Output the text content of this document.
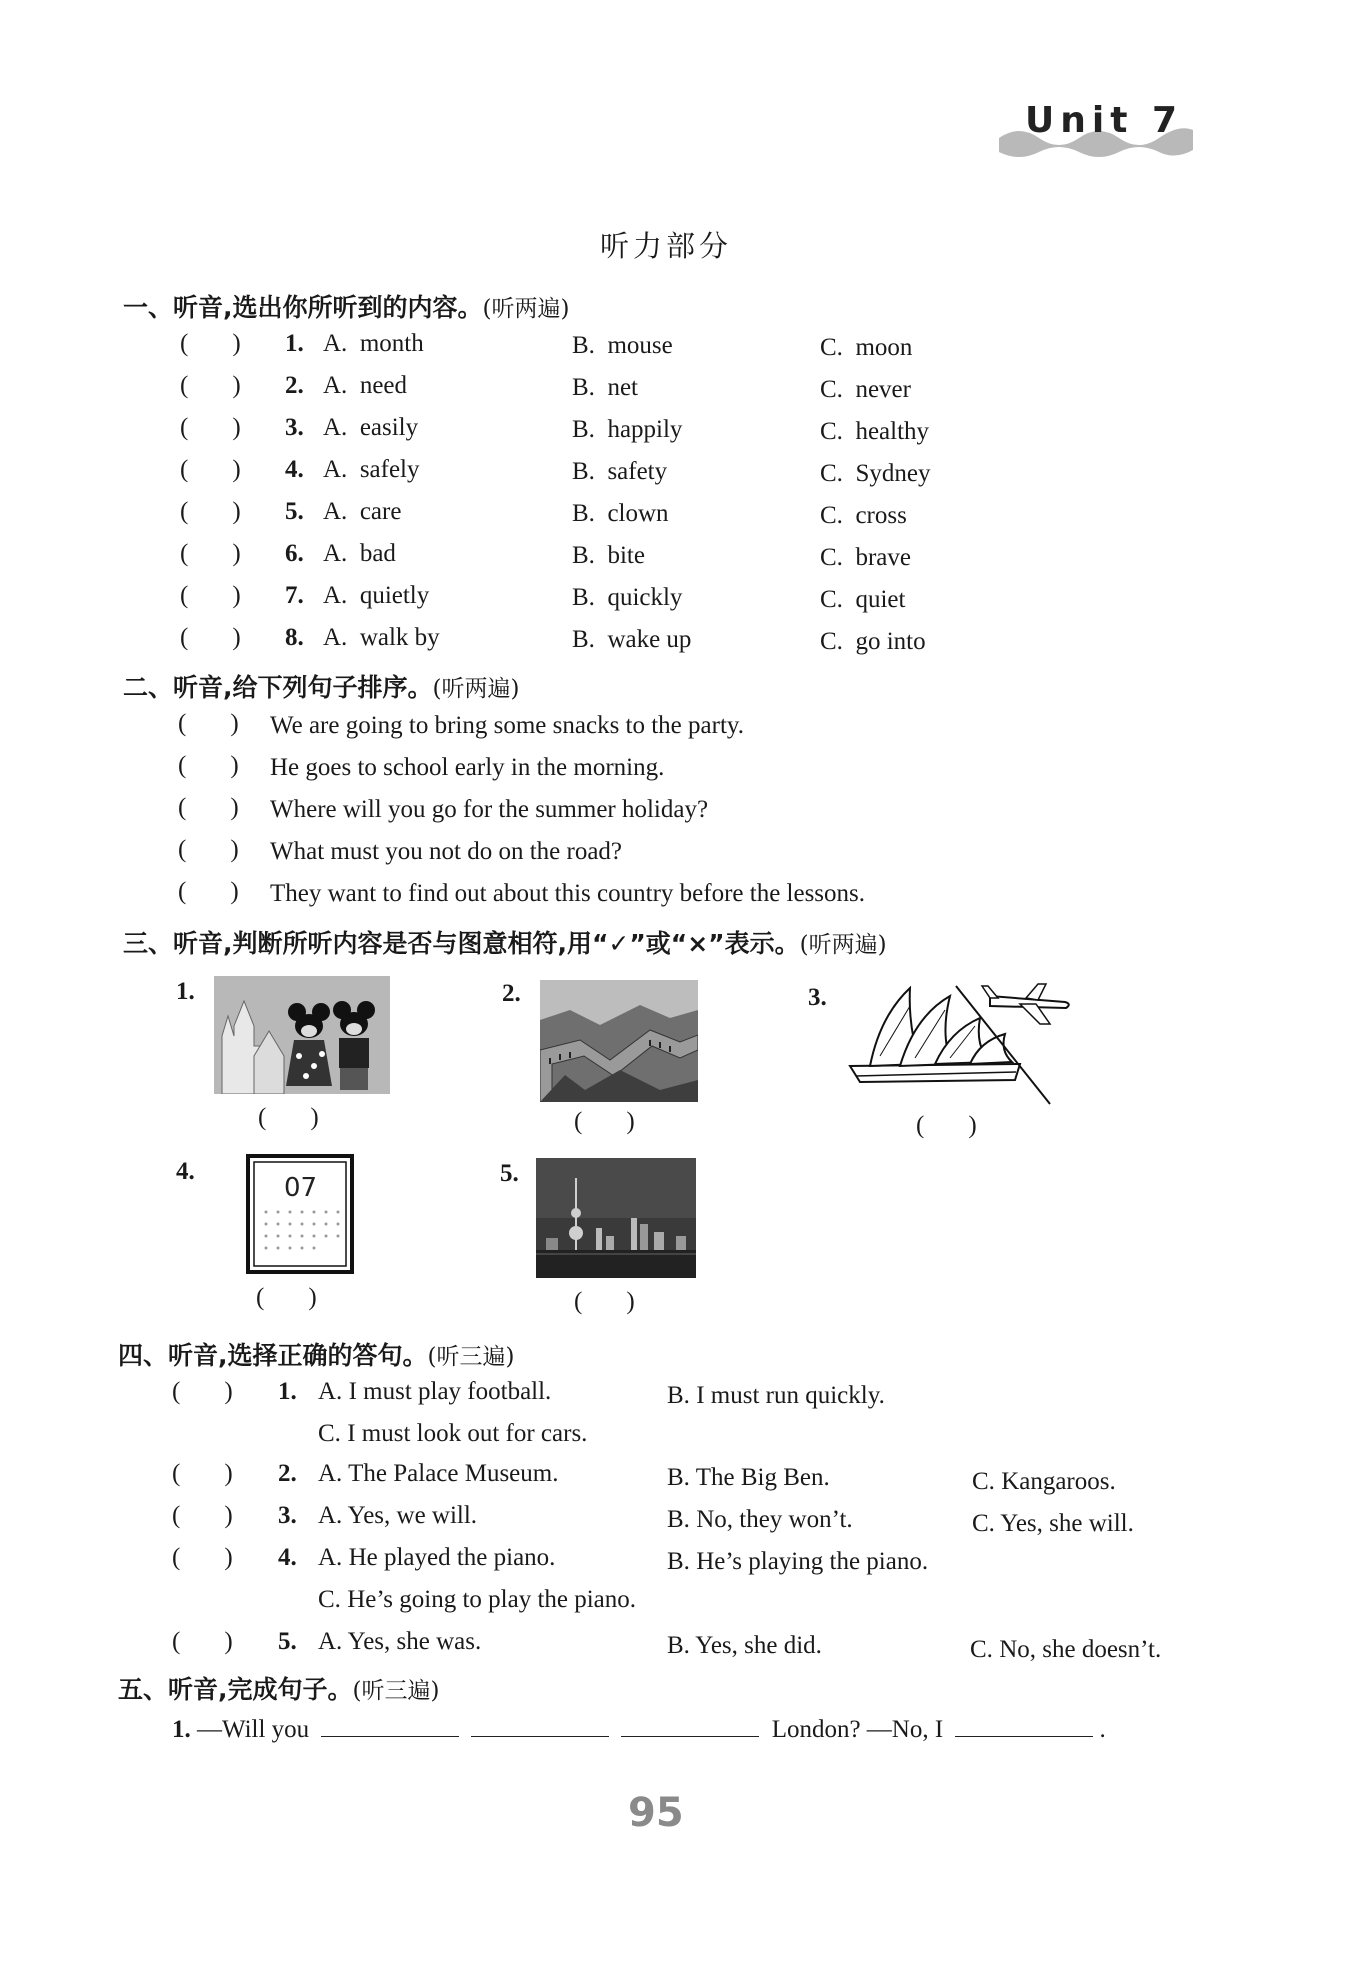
Unit 7
听力部分
一、听音,选出你所听到的内容。(听两遍)
( ) 1. A. month	B. mouse	C. moon
( ) 2. A. need	B. net	C. never
( ) 3. A. easily	B. happily	C. healthy
( ) 4. A. safely	B. safety	C. Sydney
( ) 5. A. care	B. clown	C. cross
( ) 6. A. bad	B. bite	C. brave
( ) 7. A. quietly	B. quickly	C. quiet
( ) 8. A. walk by	B. wake up	C. go into
二、听音,给下列句子排序。(听两遍)
( ) We are going to bring some snacks to the party.
( ) He goes to school early in the morning.
( ) Where will you go for the summer holiday?
( ) What must you not do on the road?
( ) They want to find out about this country before the lessons.
三、听音,判断所听内容是否与图意相符,用“✓”或“×”表示。(听两遍)
1.	2.	3.
4.	5.
07
( )	( )	( )
( )	( )
四、听音,选择正确的答句。(听三遍)
( ) 1. A. I must play football.	B. I must run quickly.
C. I must look out for cars.
( ) 2. A. The Palace Museum.	B. The Big Ben.	C. Kangaroos.
( ) 3. A. Yes, we will.	B. No, they won’t.	C. Yes, she will.
( ) 4. A. He played the piano.	B. He’s playing the piano.
C. He’s going to play the piano.
( ) 5. A. Yes, she was.	B. Yes, she did.	C. No, she doesn’t.
五、听音,完成句子。(听三遍)
1. —Will you	London? —No, I	.
95
